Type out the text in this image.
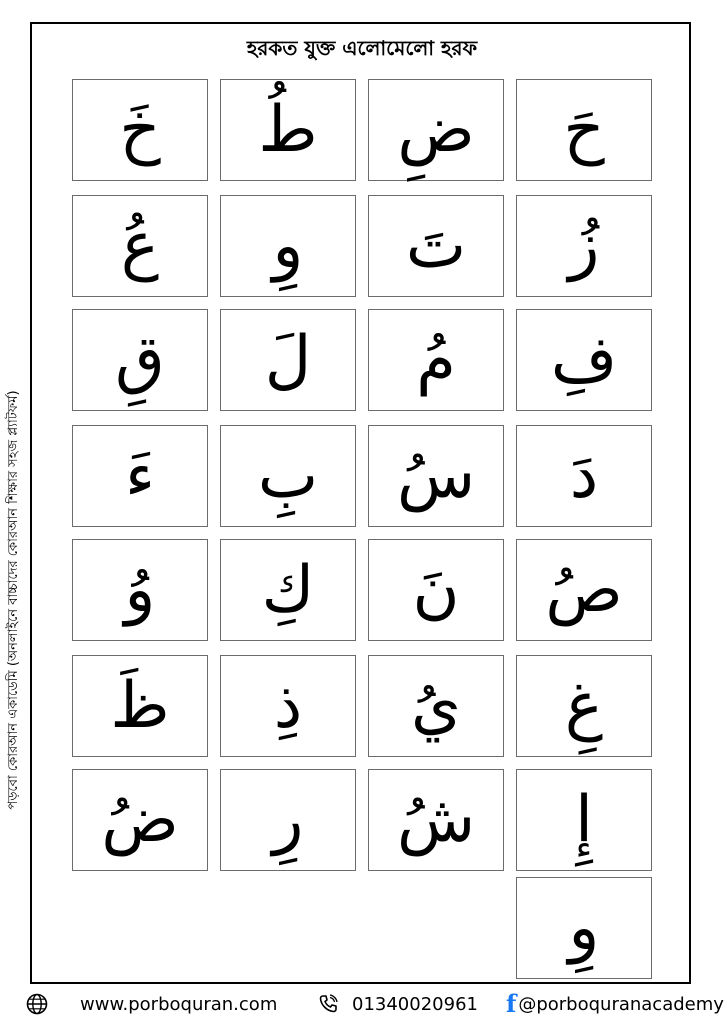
হরকত যুক্ত এলোমেলো হরফ
পড়বো কোরআন একাডেমি (অনলাইনে বাচ্চাদের কোরআন শিক্ষার সহজ প্ল্যাটফর্ম)
خَ طُ ضِ حَ
عُ وِ تَ زُ
قِ لَ مُ فِ
ءَ بِ سُ دَ
وُ كِ نَ صُ
ظَ ذِ يُ غِ
ضُ رِ شُ إِ
وِ
www.porboquran.com	01340020961 f @porboquranacademy
